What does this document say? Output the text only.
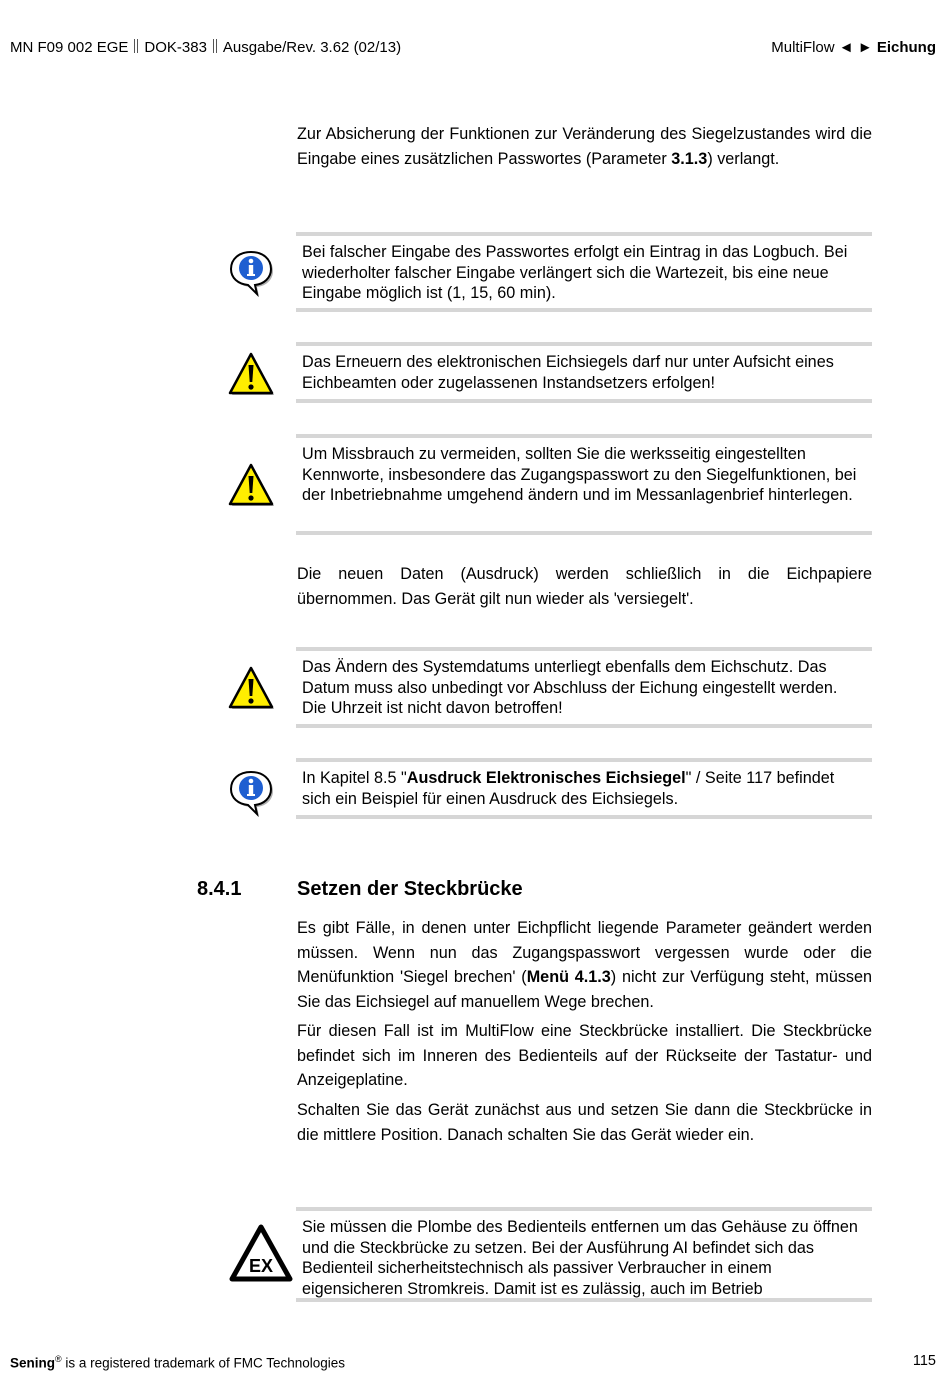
MN F09 002 EGE DOK-383 Ausgabe/Rev. 3.62 (02/13)	MultiFlow ◄ ► Eichung
Zur Absicherung der Funktionen zur Veränderung des Siegelzustandes wird die Eingabe eines zusätzlichen Passwortes (Parameter 3.1.3) verlangt.
Bei falscher Eingabe des Passwortes erfolgt ein Eintrag in das Logbuch. Bei wiederholter falscher Eingabe verlängert sich die Wartezeit, bis eine neue Eingabe möglich ist (1, 15, 60 min).
Das Erneuern des elektronischen Eichsiegels darf nur unter Aufsicht eines Eichbeamten oder zugelassenen Instandsetzers erfolgen!
Um Missbrauch zu vermeiden, sollten Sie die werksseitig eingestellten Kennworte, insbesondere das Zugangspasswort zu den Siegelfunktionen, bei der Inbetriebnahme umgehend ändern und im Messanlagenbrief hinterlegen.
Die neuen Daten (Ausdruck) werden schließlich in die Eichpapiere übernommen. Das Gerät gilt nun wieder als 'versiegelt'.
Das Ändern des Systemdatums unterliegt ebenfalls dem Eichschutz. Das Datum muss also unbedingt vor Abschluss der Eichung eingestellt werden. Die Uhrzeit ist nicht davon betroffen!
In Kapitel 8.5 "Ausdruck Elektronisches Eichsiegel" / Seite 117 befindet sich ein Beispiel für einen Ausdruck des Eichsiegels.
8.4.1	Setzen der Steckbrücke
Es gibt Fälle, in denen unter Eichpflicht liegende Parameter geändert werden müssen. Wenn nun das Zugangspasswort vergessen wurde oder die Menüfunktion 'Siegel brechen' (Menü 4.1.3) nicht zur Verfügung steht, müssen Sie das Eichsiegel auf manuellem Wege brechen.
Für diesen Fall ist im MultiFlow eine Steckbrücke installiert. Die Steckbrücke befindet sich im Inneren des Bedienteils auf der Rückseite der Tastatur- und Anzeigeplatine.
Schalten Sie das Gerät zunächst aus und setzen Sie dann die Steckbrücke in die mittlere Position. Danach schalten Sie das Gerät wieder ein.
EX
Sie müssen die Plombe des Bedienteils entfernen um das Gehäuse zu öffnen und die Steckbrücke zu setzen. Bei der Ausführung AI befindet sich das Bedienteil sicherheitstechnisch als passiver Verbraucher in einem eigensicheren Stromkreis. Damit ist es zulässig, auch im Betrieb
Sening® is a registered trademark of FMC Technologies	115
